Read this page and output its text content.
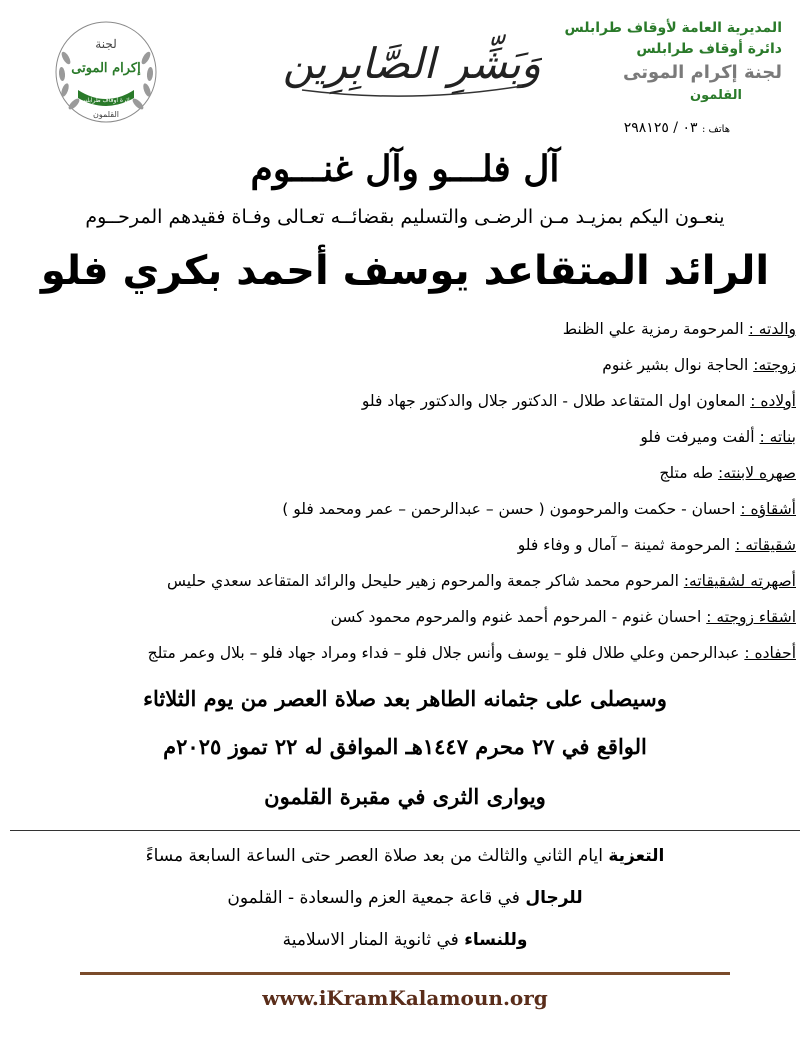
لجنة
إكرام الموتى
دائرة أوقاف طرابلس
القلمون
وَبَشِّرِ الصَّابِرِين
المديرية العامة لأوقاف طرابلس
دائرة أوقاف طرابلس
لجنة إكرام الموتى
القلمون
هاتف : ٠٣ / ٢٩٨١٢٥
آل فلـــو وآل غنـــوم
ينعـون اليكم بمزيـد مـن الرضـى والتسليم بقضائــه تعـالى وفـاة فقيدهم المرحــوم
الرائد المتقاعد يوسف أحمد بكري فلو
والدته : المرحومة رمزية علي الظنط
زوجته: الحاجة نوال بشير غنوم
أولاده : المعاون اول المتقاعد طلال - الدكتور جلال والدكتور جهاد فلو
بناته : ألفت وميرفت فلو
صهره لابنته: طه متلج
أشقاؤه : احسان - حكمت والمرحومون ( حسن – عبدالرحمن – عمر ومحمد فلو )
شقيقاته : المرحومة ثمينة – آمال و وفاء فلو
أصهرته لشقيقاته: المرحوم محمد شاكر جمعة والمرحوم زهير حليحل والرائد المتقاعد سعدي حليس
اشقاء زوجته : احسان غنوم - المرحوم أحمد غنوم والمرحوم محمود كسن
أحفاده : عبدالرحمن وعلي طلال فلو – يوسف وأنس جلال فلو – فداء ومراد جهاد فلو – بلال وعمر متلج
وسيصلى على جثمانه الطاهر بعد صلاة العصر من يوم الثلاثاء
الواقع في ٢٧ محرم ١٤٤٧هـ الموافق له ٢٢ تموز ٢٠٢٥م
ويوارى الثرى في مقبرة القلمون
التعزية ايام الثاني والثالث من بعد صلاة العصر حتى الساعة السابعة مساءً
للرجال في قاعة جمعية العزم والسعادة - القلمون
وللنساء في ثانوية المنار الاسلامية
www.iKramKalamoun.org
